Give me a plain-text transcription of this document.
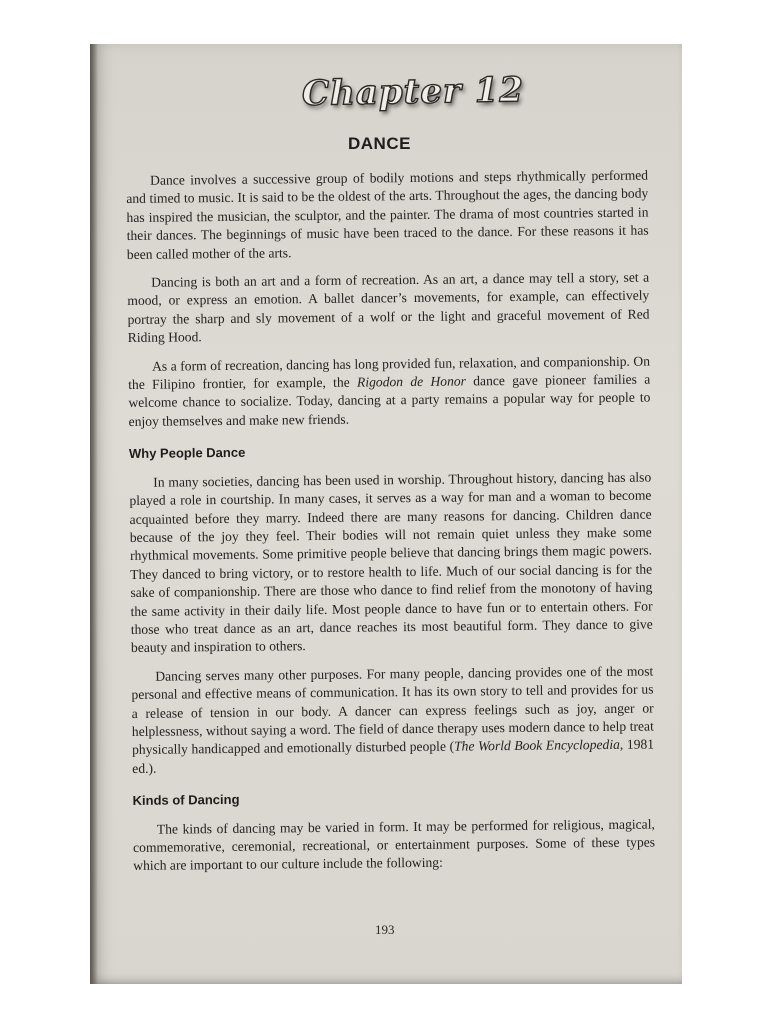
Chapter 12
DANCE

Dance involves a successive group of bodily motions and steps rhythmically performed and timed to music. It is said to be the oldest of the arts. Throughout the ages, the dancing body has inspired the musician, the sculptor, and the painter. The drama of most countries started in their dances. The beginnings of music have been traced to the dance. For these reasons it has been called mother of the arts.

Dancing is both an art and a form of recreation. As an art, a dance may tell a story, set a mood, or express an emotion. A ballet dancer’s movements, for example, can effectively portray the sharp and sly movement of a wolf or the light and graceful movement of Red Riding Hood.

As a form of recreation, dancing has long provided fun, relaxation, and companionship. On the Filipino frontier, for example, the Rigodon de Honor dance gave pioneer families a welcome chance to socialize. Today, dancing at a party remains a popular way for people to enjoy themselves and make new friends.

Why People Dance

In many societies, dancing has been used in worship. Throughout history, dancing has also played a role in courtship. In many cases, it serves as a way for man and a woman to become acquainted before they marry. Indeed there are many reasons for dancing. Children dance because of the joy they feel. Their bodies will not remain quiet unless they make some rhythmical movements. Some primitive people believe that dancing brings them magic powers. They danced to bring victory, or to restore health to life. Much of our social dancing is for the sake of companionship. There are those who dance to find relief from the monotony of having the same activity in their daily life. Most people dance to have fun or to entertain others. For those who treat dance as an art, dance reaches its most beautiful form. They dance to give beauty and inspiration to others.

Dancing serves many other purposes. For many people, dancing provides one of the most personal and effective means of communication. It has its own story to tell and provides for us a release of tension in our body. A dancer can express feelings such as joy, anger or helplessness, without saying a word. The field of dance therapy uses modern dance to help treat physically handicapped and emotionally disturbed people (The World Book Encyclopedia, 1981 ed.).

Kinds of Dancing

The kinds of dancing may be varied in form. It may be performed for religious, magical, commemorative, ceremonial, recreational, or entertainment purposes. Some of these types which are important to our culture include the following:

193
